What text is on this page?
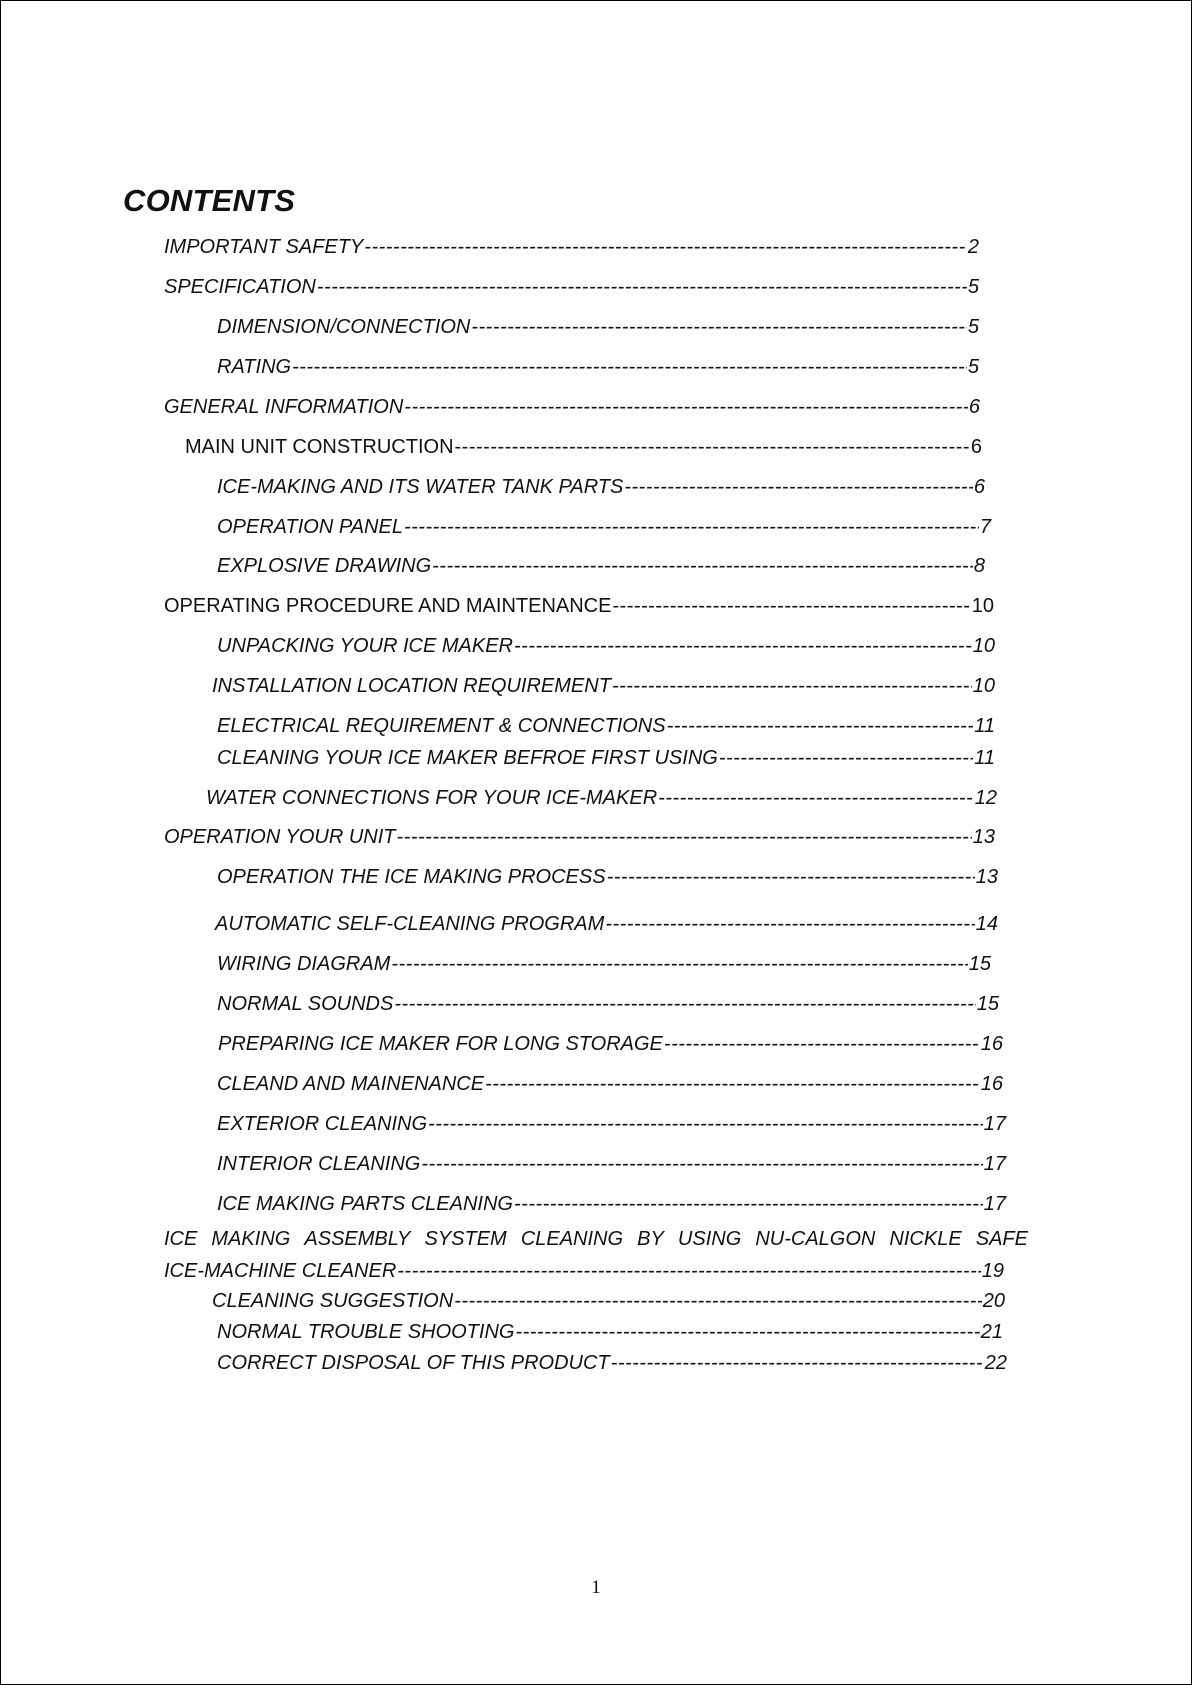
CONTENTS
IMPORTANT SAFETY -----	2
SPECIFICATION -----	5
DIMENSION/CONNECTION -----	5
RATING -----	5
GENERAL INFORMATION -----	6
MAIN UNIT CONSTRUCTION -----	6
ICE-MAKING AND ITS WATER TANK PARTS -----	6
OPERATION PANEL -----	7
EXPLOSIVE DRAWING -----	8
OPERATING PROCEDURE AND MAINTENANCE -----	10
UNPACKING YOUR ICE MAKER -----	10
INSTALLATION LOCATION REQUIREMENT -----	10
ELECTRICAL REQUIREMENT & CONNECTIONS -----	11
CLEANING YOUR ICE MAKER BEFROE FIRST USING -----	11
WATER CONNECTIONS FOR YOUR ICE-MAKER -----	12
OPERATION YOUR UNIT -----	13
OPERATION THE ICE MAKING PROCESS -----	13
AUTOMATIC SELF-CLEANING PROGRAM -----	14
WIRING DIAGRAM -----	15
NORMAL SOUNDS -----	15
PREPARING ICE MAKER FOR LONG STORAGE -----	16
CLEAND AND MAINENANCE -----	16
EXTERIOR CLEANING -----	17
INTERIOR CLEANING -----	17
ICE MAKING PARTS CLEANING -----	17
ICE MAKING ASSEMBLY SYSTEM CLEANING BY USING NU-CALGON NICKLE SAFE
ICE-MACHINE CLEANER -----	19
CLEANING SUGGESTION -----	20
NORMAL TROUBLE SHOOTING -----	21
CORRECT DISPOSAL OF THIS PRODUCT -----	22
1
